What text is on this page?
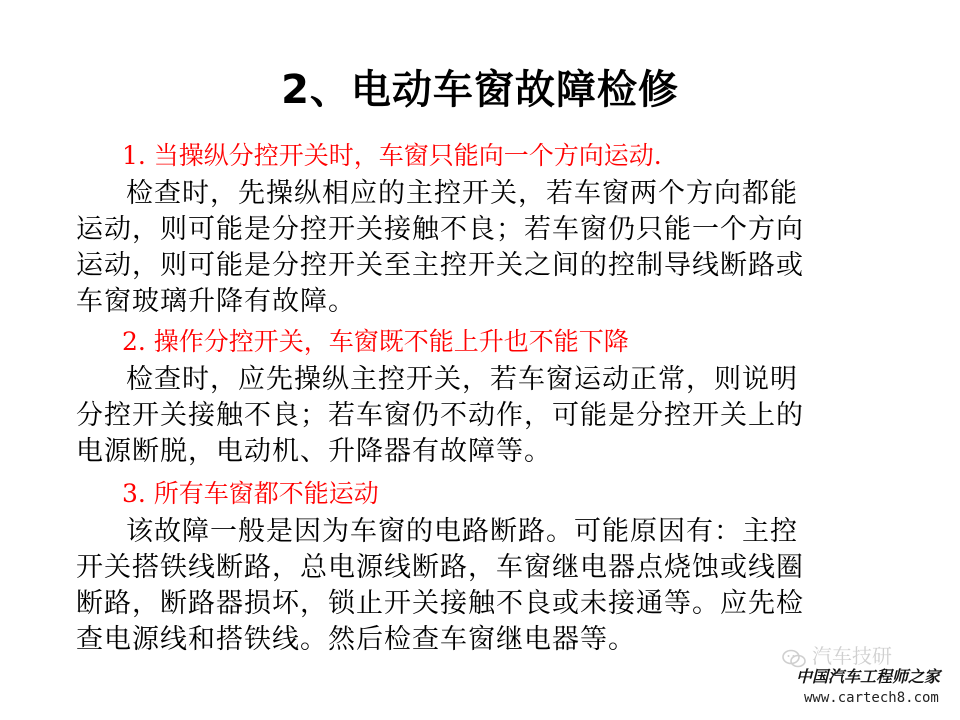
2、电动车窗故障检修
1. 当操纵分控开关时，车窗只能向一个方向运动.
检查时，先操纵相应的主控开关，若车窗两个方向都能
运动，则可能是分控开关接触不良；若车窗仍只能一个方向
运动，则可能是分控开关至主控开关之间的控制导线断路或
车窗玻璃升降有故障。
2. 操作分控开关，车窗既不能上升也不能下降
检查时，应先操纵主控开关，若车窗运动正常，则说明
分控开关接触不良；若车窗仍不动作，可能是分控开关上的
电源断脱，电动机、升降器有故障等。
3. 所有车窗都不能运动
该故障一般是因为车窗的电路断路。可能原因有：主控
开关搭铁线断路，总电源线断路，车窗继电器点烧蚀或线圈
断路，断路器损坏，锁止开关接触不良或未接通等。应先检
查电源线和搭铁线。然后检查车窗继电器等。
汽车技研
中国汽车工程师之家
www.cartech8.com
